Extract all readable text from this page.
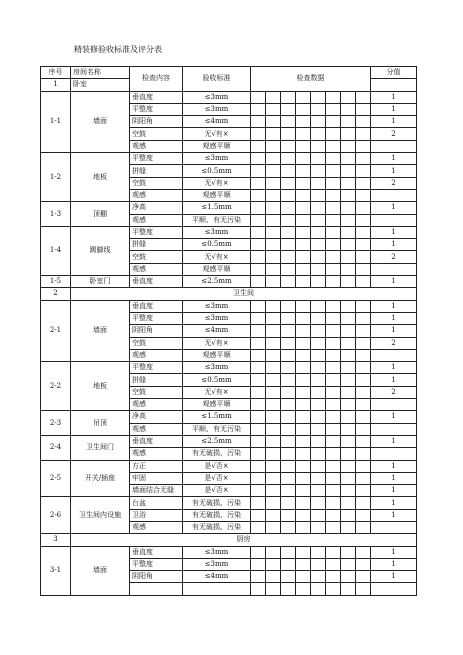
精装修验收标准及评分表
序号	房间名称	检查内容	验收标准	检查数据								分值
1	卧室											
1-1	墙面	垂直度	≤3mm									1
		平整度	≤3mm									1
		阴阳角	≤4mm									1
		空鼓	无√有×									2
		观感	观感平顺									
1-2	地板	平整度	≤3mm									1
		拼缝	≤0.5mm									1
		空鼓	无√有×									2
		观感	观感平顺									
1-3	顶棚	净高	≤1.5mm									1
		观感	平顺、有无污染									
1-4	踢脚线	平整度	≤3mm									1
		拼缝	≤0.5mm									1
		空鼓	无√有×									2
		观感	观感平顺									
1-5	卧室门	垂直度	≤2.5mm									1
2	卫生间											
2-1	墙面	垂直度	≤3mm									1
		平整度	≤3mm									1
		阴阳角	≤4mm									1
		空鼓	无√有×									2
		观感	观感平顺									
2-2	地板	平整度	≤3mm									1
		拼缝	≤0.5mm									1
		空鼓	无√有×									2
		观感	观感平顺									
2-3	吊顶	净高	≤1.5mm									1
		观感	平顺、有无污染									
2-4	卫生间门	垂直度	≤2.5mm									1
		观感	有无破损、污染									
2-5	开关/插座	方正	是√否×									1
		牢固	是√否×									1
		墙面结合无缝	是√否×									1
2-6	卫生间内设施	台盆	有无破损、污染									1
		卫浴	有无破损、污染									1
		观感	有无破损、污染									
3	厨房											
3-1	墙面	垂直度	≤3mm									1
		平整度	≤3mm									1
		阴阳角	≤4mm									1
